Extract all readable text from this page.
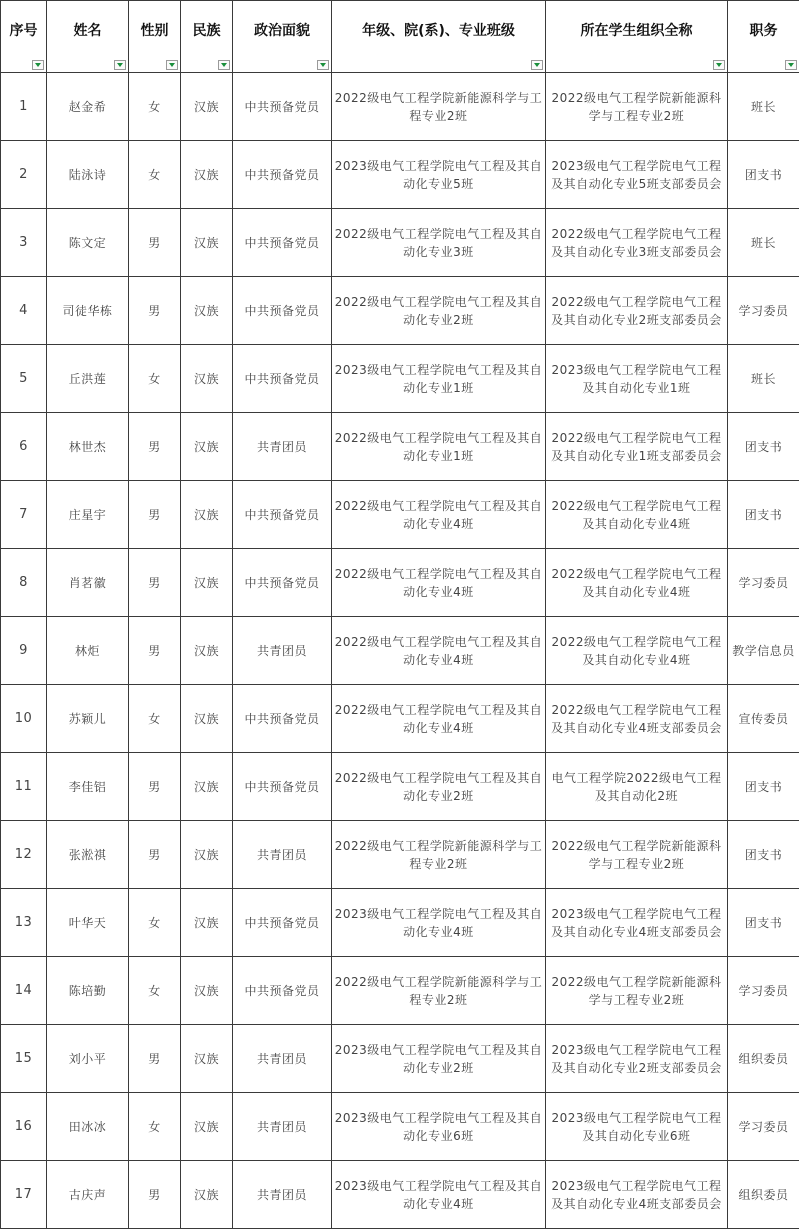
序号	姓名	性别	民族	政治面貌	年级、院(系)、专业班级	所在学生组织全称	职务

1	赵金希	女	汉族	中共预备党员	2022级电气工程学院新能源科学与工程专业2班	2022级电气工程学院新能源科学与工程专业2班	班长
2	陆泳诗	女	汉族	中共预备党员	2023级电气工程学院电气工程及其自动化专业5班	2023级电气工程学院电气工程及其自动化专业5班支部委员会	团支书
3	陈文定	男	汉族	中共预备党员	2022级电气工程学院电气工程及其自动化专业3班	2022级电气工程学院电气工程及其自动化专业3班支部委员会	班长
4	司徒华栋	男	汉族	中共预备党员	2022级电气工程学院电气工程及其自动化专业2班	2022级电气工程学院电气工程及其自动化专业2班支部委员会	学习委员
5	丘洪莲	女	汉族	中共预备党员	2023级电气工程学院电气工程及其自动化专业1班	2023级电气工程学院电气工程及其自动化专业1班	班长
6	林世杰	男	汉族	共青团员	2022级电气工程学院电气工程及其自动化专业1班	2022级电气工程学院电气工程及其自动化专业1班支部委员会	团支书
7	庄星宇	男	汉族	中共预备党员	2022级电气工程学院电气工程及其自动化专业4班	2022级电气工程学院电气工程及其自动化专业4班	团支书
8	肖茗徽	男	汉族	中共预备党员	2022级电气工程学院电气工程及其自动化专业4班	2022级电气工程学院电气工程及其自动化专业4班	学习委员
9	林炬	男	汉族	共青团员	2022级电气工程学院电气工程及其自动化专业4班	2022级电气工程学院电气工程及其自动化专业4班	教学信息员
10	苏颖儿	女	汉族	中共预备党员	2022级电气工程学院电气工程及其自动化专业4班	2022级电气工程学院电气工程及其自动化专业4班支部委员会	宣传委员
11	李佳铝	男	汉族	中共预备党员	2022级电气工程学院电气工程及其自动化专业2班	电气工程学院2022级电气工程及其自动化2班	团支书
12	张淞祺	男	汉族	共青团员	2022级电气工程学院新能源科学与工程专业2班	2022级电气工程学院新能源科学与工程专业2班	团支书
13	叶华天	女	汉族	中共预备党员	2023级电气工程学院电气工程及其自动化专业4班	2023级电气工程学院电气工程及其自动化专业4班支部委员会	团支书
14	陈培勤	女	汉族	中共预备党员	2022级电气工程学院新能源科学与工程专业2班	2022级电气工程学院新能源科学与工程专业2班	学习委员
15	刘小平	男	汉族	共青团员	2023级电气工程学院电气工程及其自动化专业2班	2023级电气工程学院电气工程及其自动化专业2班支部委员会	组织委员
16	田冰冰	女	汉族	共青团员	2023级电气工程学院电气工程及其自动化专业6班	2023级电气工程学院电气工程及其自动化专业6班	学习委员
17	古庆声	男	汉族	共青团员	2023级电气工程学院电气工程及其自动化专业4班	2023级电气工程学院电气工程及其自动化专业4班支部委员会	组织委员
